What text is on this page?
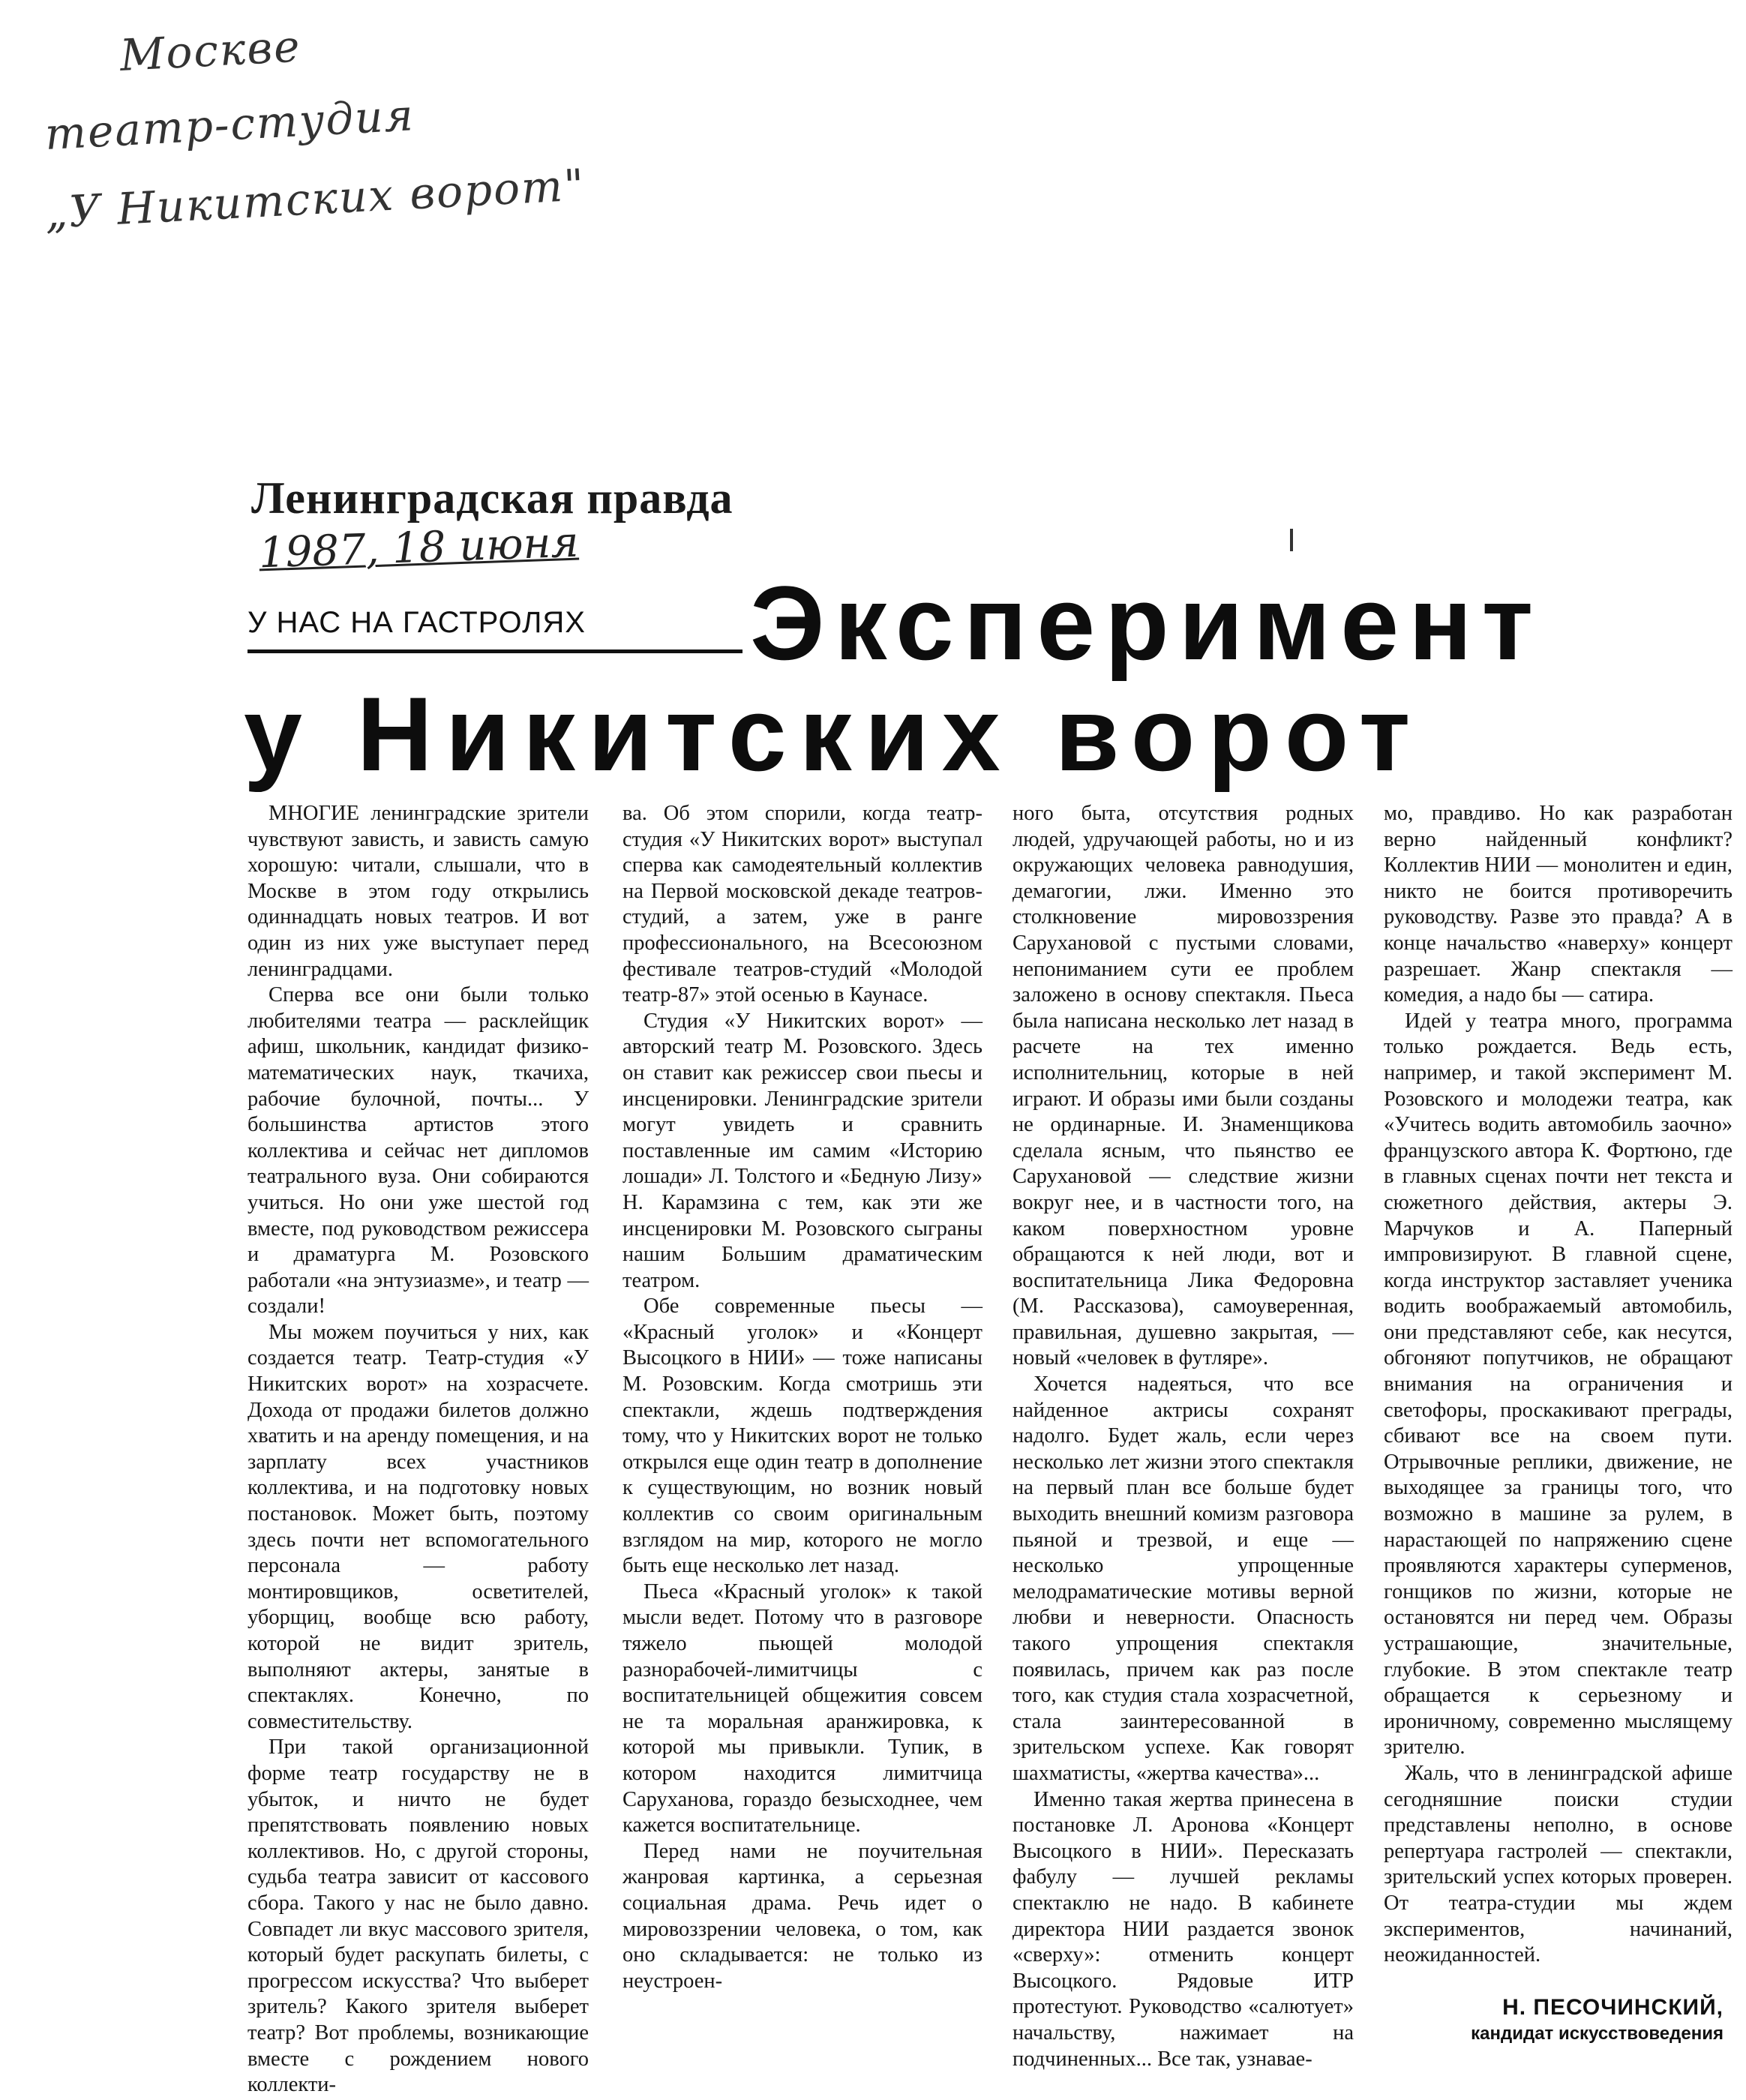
Москве
театр-студия
„У Никитских ворот"
Ленинградская правда
1987, 18 июня
У НАС НА ГАСТРОЛЯХ Эксперимент
у Никитских ворот

МНОГИЕ ленинградские зрители чувствуют зависть, и зависть самую хорошую: читали, слышали, что в Москве в этом году открылись одиннадцать новых театров. И вот один из них уже выступает перед ленинградцами.

Сперва все они были только любителями театра — расклейщик афиш, школьник, кандидат физико-математических наук, ткачиха, рабочие булочной, почты... У большинства артистов этого коллектива и сейчас нет дипломов театрального вуза. Они собираются учиться. Но они уже шестой год вместе, под руководством режиссера и драматурга М. Розовского работали «на энтузиазме», и театр — создали!

Мы можем поучиться у них, как создается театр. Театр-студия «У Никитских ворот» на хозрасчете. Дохода от продажи билетов должно хватить и на аренду помещения, и на зарплату всех участников коллектива, и на подготовку новых постановок. Может быть, поэтому здесь почти нет вспомогательного персонала — работу монтировщиков, осветителей, уборщиц, вообще всю работу, которой не видит зритель, выполняют актеры, занятые в спектаклях. Конечно, по совместительству.

При такой организационной форме театр государству не в убыток, и ничто не будет препятствовать появлению новых коллективов. Но, с другой стороны, судьба театра зависит от кассового сбора. Такого у нас не было давно. Совпадет ли вкус массового зрителя, который будет раскупать билеты, с прогрессом искусства? Что выберет зритель? Какого зрителя выберет театр? Вот проблемы, возникающие вместе с рождением нового коллекти-

ва. Об этом спорили, когда театр-студия «У Никитских ворот» выступал сперва как самодеятельный коллектив на Первой московской декаде театров-студий, а затем, уже в ранге профессионального, на Всесоюзном фестивале театров-студий «Молодой театр-87» этой осенью в Каунасе.

Студия «У Никитских ворот» — авторский театр М. Розовского. Здесь он ставит как режиссер свои пьесы и инсценировки. Ленинградские зрители могут увидеть и сравнить поставленные им самим «Историю лошади» Л. Толстого и «Бедную Лизу» Н. Карамзина с тем, как эти же инсценировки М. Розовского сыграны нашим Большим драматическим театром.

Обе современные пьесы — «Красный уголок» и «Концерт Высоцкого в НИИ» — тоже написаны М. Розовским. Когда смотришь эти спектакли, ждешь подтверждения тому, что у Никитских ворот не только открылся еще один театр в дополнение к существующим, но возник новый коллектив со своим оригинальным взглядом на мир, которого не могло быть еще несколько лет назад.

Пьеса «Красный уголок» к такой мысли ведет. Потому что в разговоре тяжело пьющей молодой разнорабочей-лимитчицы с воспитательницей общежития совсем не та моральная аранжировка, к которой мы привыкли. Тупик, в котором находится лимитчица Саруханова, гораздо безысходнее, чем кажется воспитательнице.

Перед нами не поучительная жанровая картинка, а серьезная социальная драма. Речь идет о мировоззрении человека, о том, как оно складывается: не только из неустроен-

ного быта, отсутствия родных людей, удручающей работы, но и из окружающих человека равнодушия, демагогии, лжи. Именно это столкновение мировоззрения Сарухановой с пустыми словами, непониманием сути ее проблем заложено в основу спектакля. Пьеса была написана несколько лет назад в расчете на тех именно исполнительниц, которые в ней играют. И образы ими были созданы не ординарные. И. Знаменщикова сделала ясным, что пьянство ее Сарухановой — следствие жизни вокруг нее, и в частности того, на каком поверхностном уровне обращаются к ней люди, вот и воспитательница Лика Федоровна (М. Рассказова), самоуверенная, правильная, душевно закрытая, — новый «человек в футляре».

Хочется надеяться, что все найденное актрисы сохранят надолго. Будет жаль, если через несколько лет жизни этого спектакля на первый план все больше будет выходить внешний комизм разговора пьяной и трезвой, и еще — несколько упрощенные мелодраматические мотивы верной любви и неверности. Опасность такого упрощения спектакля появилась, причем как раз после того, как студия стала хозрасчетной, стала заинтересованной в зрительском успехе. Как говорят шахматисты, «жертва качества»...

Именно такая жертва принесена в постановке Л. Аронова «Концерт Высоцкого в НИИ». Пересказать фабулу — лучшей рекламы спектаклю не надо. В кабинете директора НИИ раздается звонок «сверху»: отменить концерт Высоцкого. Рядовые ИТР протестуют. Руководство «салютует» начальству, нажимает на подчиненных... Все так, узнавае-

мо, правдиво. Но как разработан верно найденный конфликт? Коллектив НИИ — монолитен и един, никто не боится противоречить руководству. Разве это правда? А в конце начальство «наверху» концерт разрешает. Жанр спектакля — комедия, а надо бы — сатира.

Идей у театра много, программа только рождается. Ведь есть, например, и такой эксперимент М. Розовского и молодежи театра, как «Учитесь водить автомобиль заочно» французского автора К. Фортюно, где в главных сценах почти нет текста и сюжетного действия, актеры Э. Марчуков и А. Паперный импровизируют. В главной сцене, когда инструктор заставляет ученика водить воображаемый автомобиль, они представляют себе, как несутся, обгоняют попутчиков, не обращают внимания на ограничения и светофоры, проскакивают преграды, сбивают все на своем пути. Отрывочные реплики, движение, не выходящее за границы того, что возможно в машине за рулем, в нарастающей по напряжению сцене проявляются характеры суперменов, гонщиков по жизни, которые не остановятся ни перед чем. Образы устрашающие, значительные, глубокие. В этом спектакле театр обращается к серьезному и ироничному, современно мыслящему зрителю.

Жаль, что в ленинградской афише сегодняшние поиски студии представлены неполно, в основе репертуара гастролей — спектакли, зрительский успех которых проверен. От театра-студии мы ждем экспериментов, начинаний, неожиданностей.

Н. ПЕСОЧИНСКИЙ,
кандидат искусствоведения
